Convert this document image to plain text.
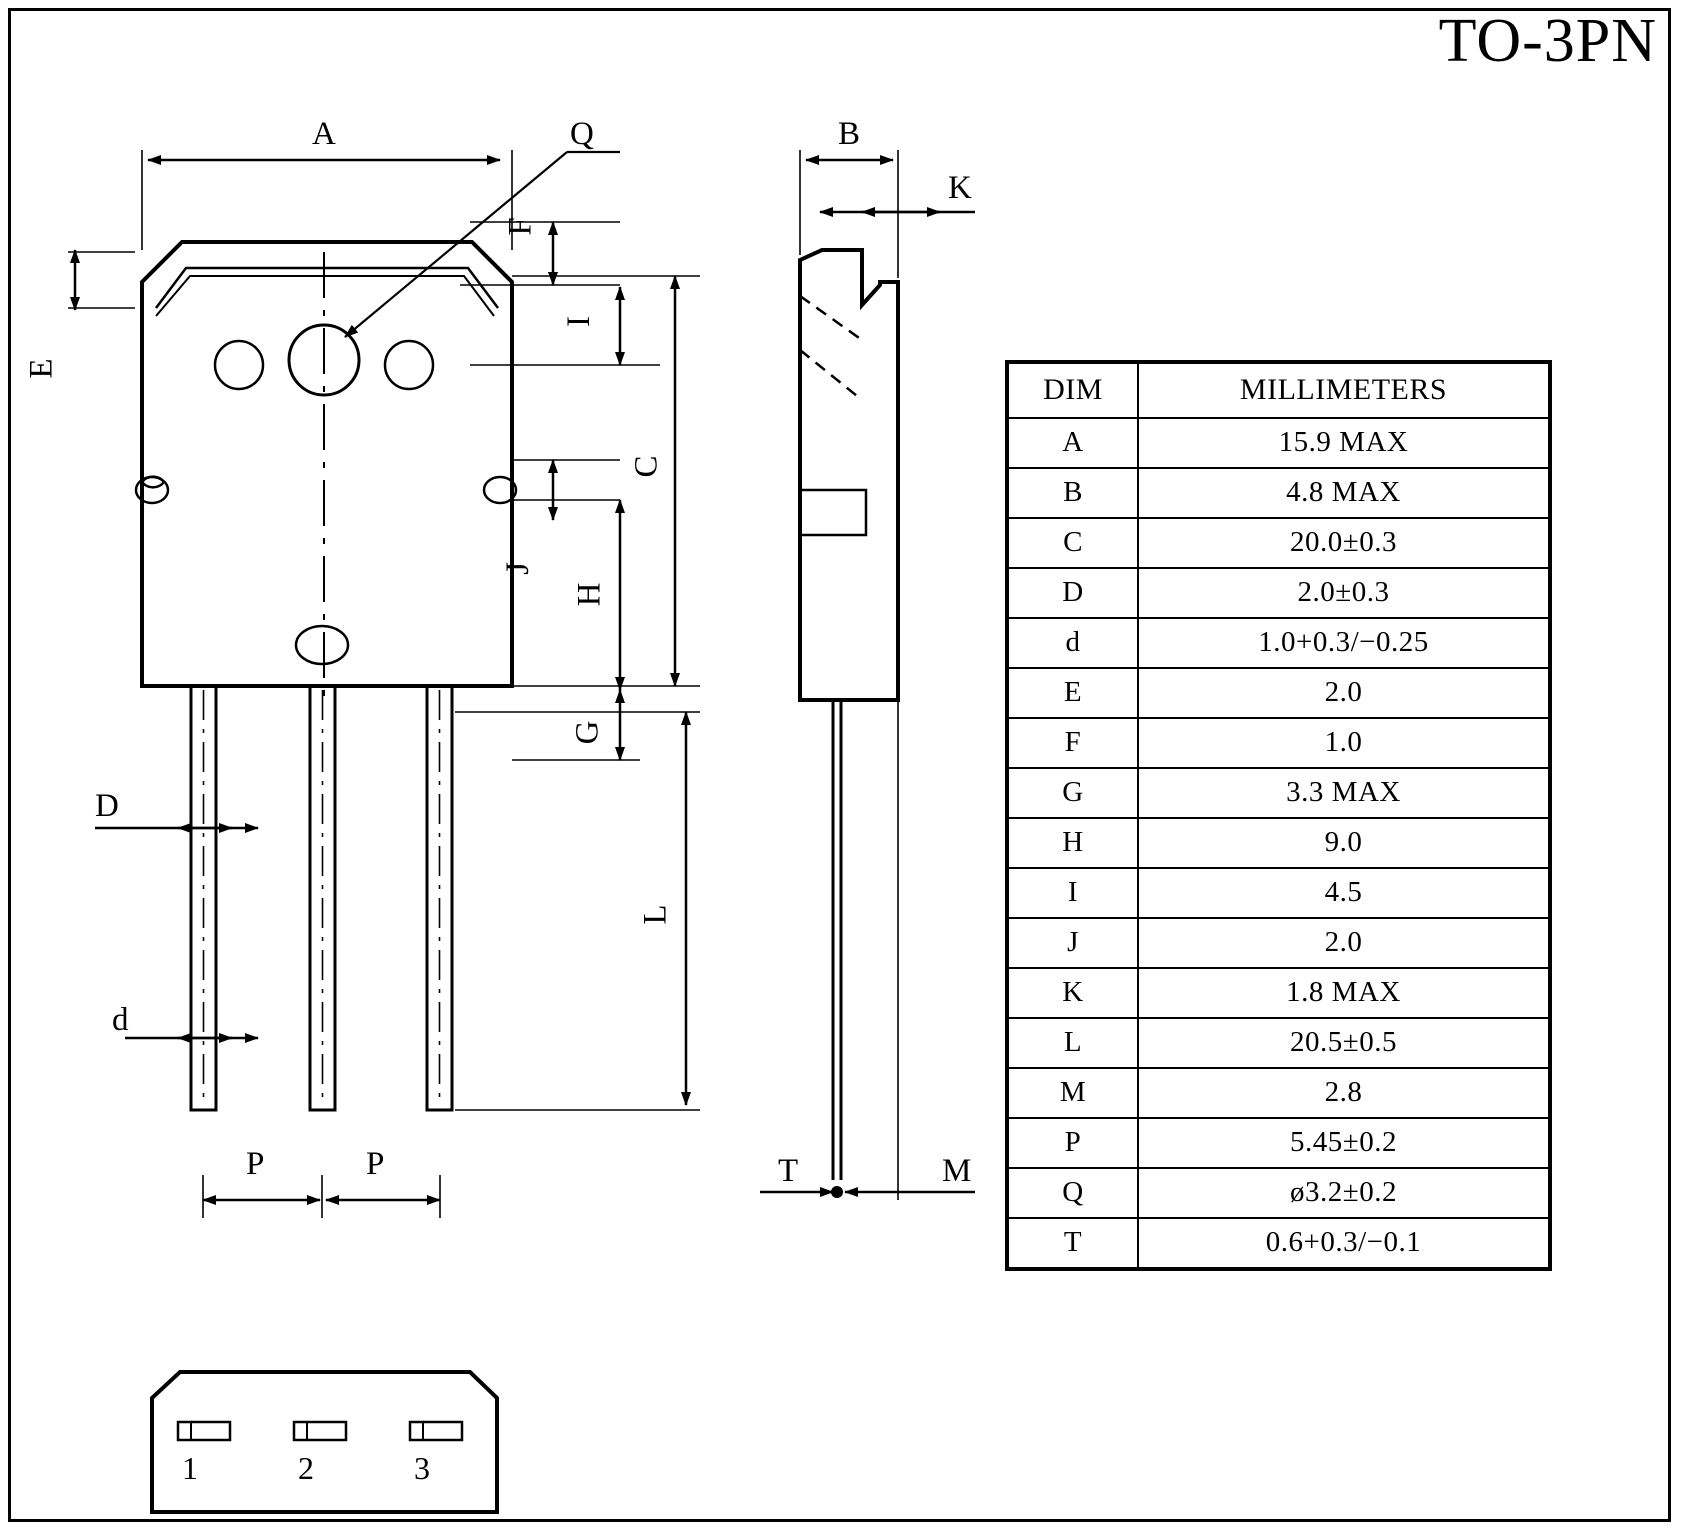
TO-3PN
A	Q
E
F
I
C
J
H
G
D
d
L
P	P
B
K
T	M
1	2	3
DIM	MILLIMETERS
A	15.9 MAX
B	4.8 MAX
C	20.0±0.3
D	2.0±0.3
d	1.0+0.3/−0.25
E	2.0
F	1.0
G	3.3 MAX
H	9.0
I	4.5
J	2.0
K	1.8 MAX
L	20.5±0.5
M	2.8
P	5.45±0.2
Q	ø3.2±0.2
T	0.6+0.3/−0.1
